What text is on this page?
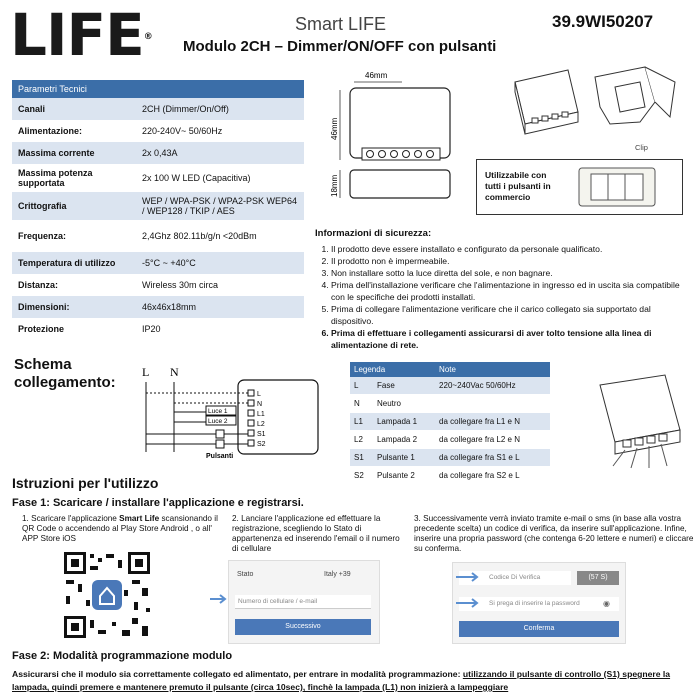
LIFE®
Smart LIFE
Modulo 2CH – Dimmer/ON/OFF con pulsanti
39.9WI50207
Parametri Tecnici	
Canali	2CH (Dimmer/On/Off)
Alimentazione:	220-240V~ 50/60Hz
Massima corrente	2x 0,43A
Massima potenza supportata	2x 100 W LED (Capacitiva)
Crittografia	WEP / WPA-PSK / WPA2-PSK WEP64 / WEP128 / TKIP / AES
Frequenza:	2,4Ghz 802.11b/g/n <20dBm
Temperatura di utilizzo	-5°C ~ +40°C
Distanza:	Wireless 30m circa
Dimensioni:	46x46x18mm
Protezione	IP20
46mm
46mm
18mm
Clip
Utilizzabile con tutti i pulsanti in commercio
Informazioni di sicurezza:
1. Il prodotto deve essere installato e configurato da personale qualificato.
2. Il prodotto non è impermeabile.
3. Non installare sotto la luce diretta del sole, e non bagnare.
4. Prima dell'installazione verificare che l'alimentazione in ingresso ed in uscita sia compatibile con le specifiche dei prodotti installati.
5. Prima di collegare l'alimentazione verificare che il carico collegato sia supportato dal dispositivo.
6. Prima di effettuare i collegamenti assicurarsi di aver tolto tensione alla linea di alimentazione di rete.
Schema collegamento:
L N
L
N
L1
L2
S1
S2
Luce 1
Luce 2
Pulsanti
Legenda		Note
L	Fase	220~240Vac 50/60Hz
N	Neutro	
L1	Lampada 1	da collegare fra L1 e N
L2	Lampada 2	da collegare fra L2 e N
S1	Pulsante 1	da collegare fra S1 e L
S2	Pulsante 2	da collegare fra S2 e L
Istruzioni per l'utilizzo
Fase 1: Scaricare / installare l'applicazione e registrarsi.
1. Scaricare l'applicazione Smart Life scansionando il QR Code o accendendo al Play Store Android , o all' APP Store iOS
2. Lanciare l'applicazione ed effettuare la registrazione, scegliendo lo Stato di appartenenza ed inserendo l'email o il numero di cellulare
Stato	Italy +39
Numero di cellulare / e-mail
Successivo
3. Successivamente verrà inviato tramite e-mail o sms (in base alla vostra precedente scelta) un codice di verifica, da inserire sull'applicazione. Infine, inserire una propria password (che contenga 6-20 lettere e numeri) e cliccare su conferma.
Codice Di Verifica	(57 S)
Si prega di inserire la password	◉
Conferma
Fase 2: Modalità programmazione modulo
Assicurarsi che il modulo sia correttamente collegato ed alimentato, per entrare in modalità programmazione: utilizzando il pulsante di controllo (S1) spegnere la lampada, quindi premere e mantenere premuto il pulsante (circa 10sec), finchè la lampada (L1) non inizierà a lampeggiare
